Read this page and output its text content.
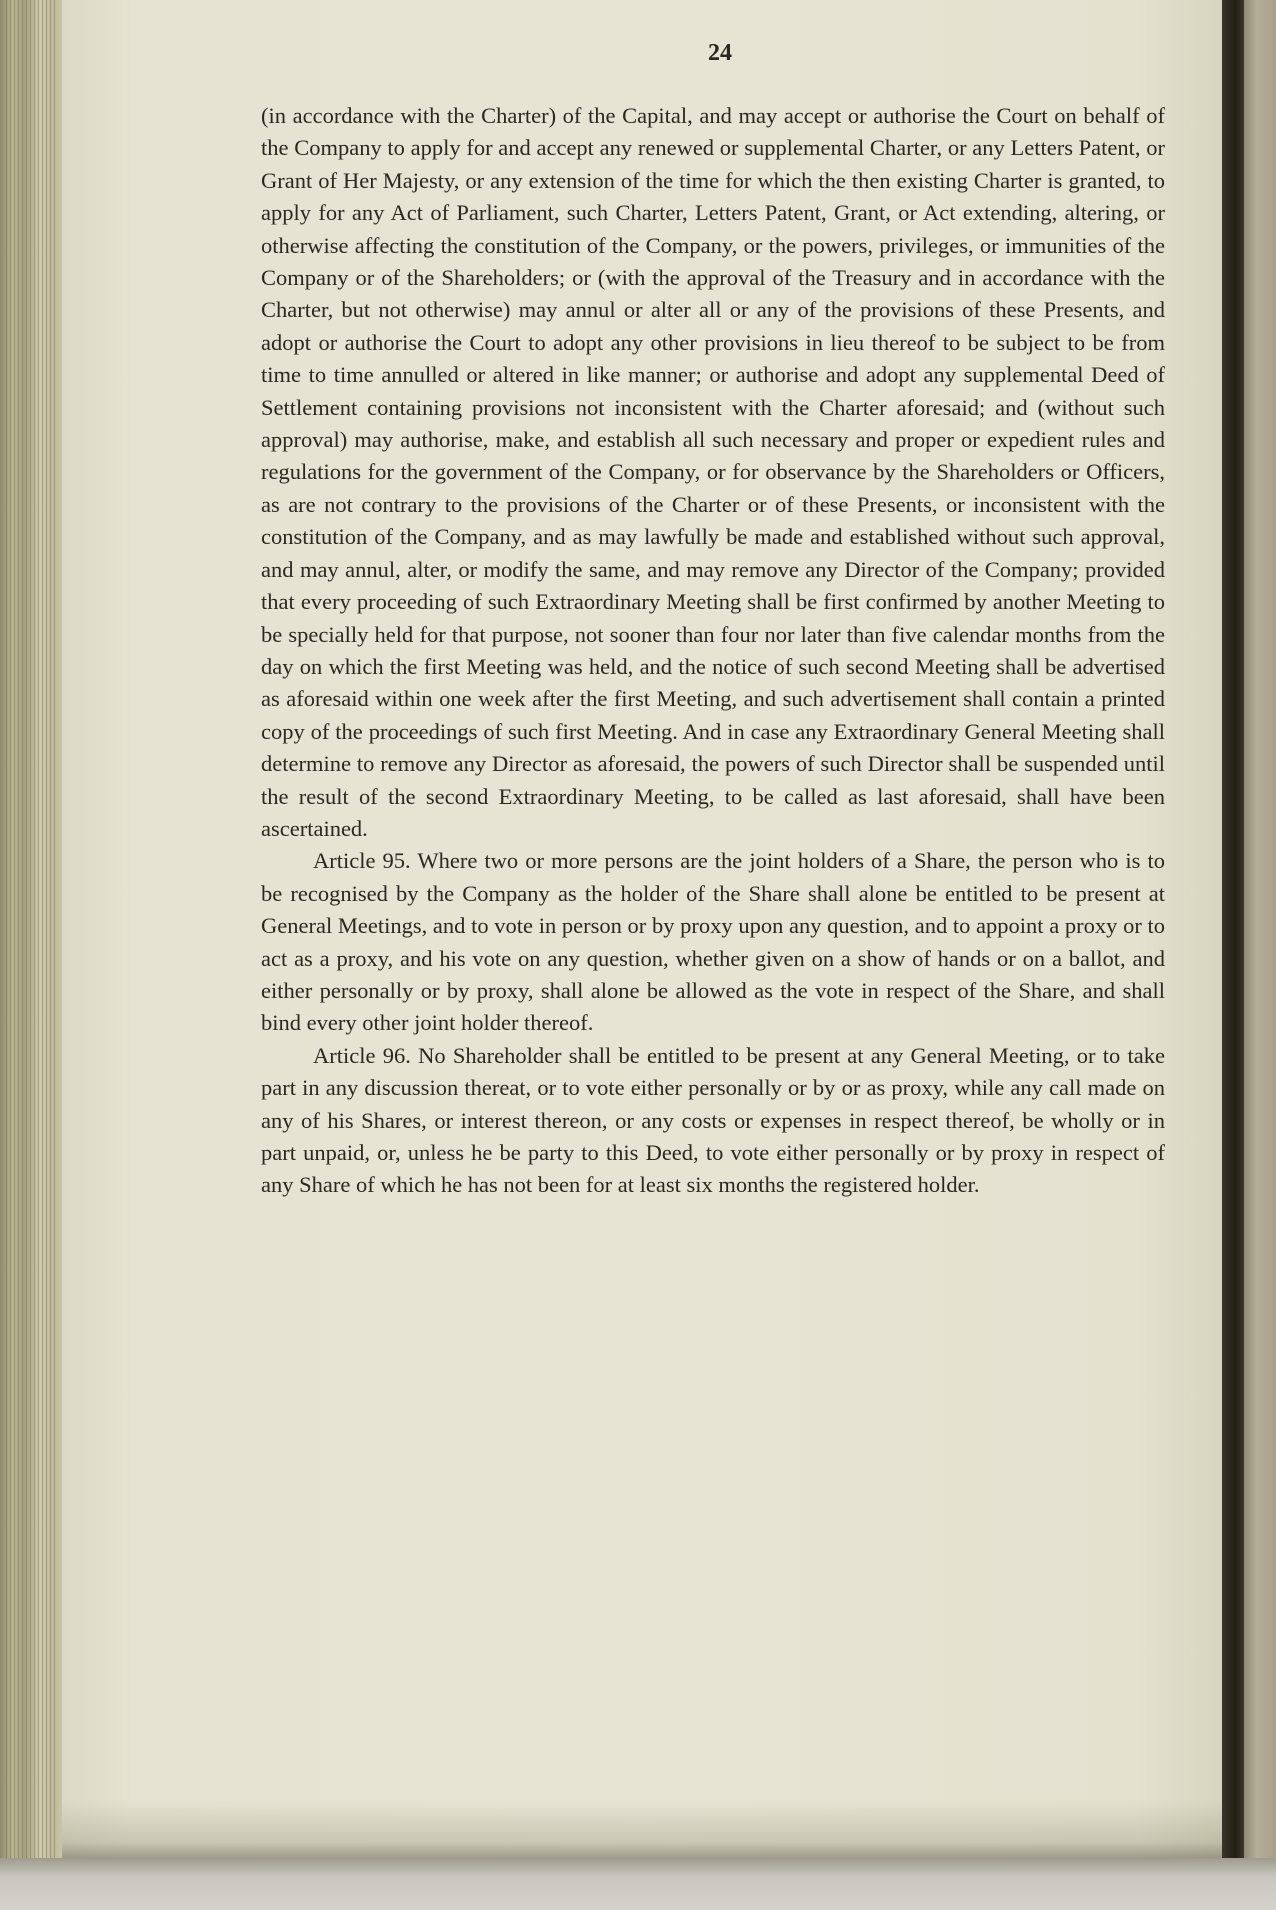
24

(in accordance with the Charter) of the Capital, and may accept or authorise the Court on behalf of the Company to apply for and accept any renewed or supplemental Charter, or any Letters Patent, or Grant of Her Majesty, or any extension of the time for which the then existing Charter is granted, to apply for any Act of Parliament, such Charter, Letters Patent, Grant, or Act extending, altering, or otherwise affecting the constitution of the Company, or the powers, privileges, or immunities of the Company or of the Shareholders; or (with the approval of the Treasury and in accordance with the Charter, but not otherwise) may annul or alter all or any of the provisions of these Presents, and adopt or authorise the Court to adopt any other provisions in lieu thereof to be subject to be from time to time annulled or altered in like manner; or authorise and adopt any supplemental Deed of Settlement containing provisions not inconsistent with the Charter aforesaid; and (without such approval) may authorise, make, and establish all such necessary and proper or expedient rules and regulations for the government of the Company, or for observance by the Shareholders or Officers, as are not contrary to the provisions of the Charter or of these Presents, or inconsistent with the constitution of the Company, and as may lawfully be made and established without such approval, and may annul, alter, or modify the same, and may remove any Director of the Company; provided that every proceeding of such Extraordinary Meeting shall be first confirmed by another Meeting to be specially held for that purpose, not sooner than four nor later than five calendar months from the day on which the first Meeting was held, and the notice of such second Meeting shall be advertised as aforesaid within one week after the first Meeting, and such advertisement shall contain a printed copy of the proceedings of such first Meeting. And in case any Extraordinary General Meeting shall determine to remove any Director as aforesaid, the powers of such Director shall be suspended until the result of the second Extraordinary Meeting, to be called as last aforesaid, shall have been ascertained.

Article 95. Where two or more persons are the joint holders of a Share, the person who is to be recognised by the Company as the holder of the Share shall alone be entitled to be present at General Meetings, and to vote in person or by proxy upon any question, and to appoint a proxy or to act as a proxy, and his vote on any question, whether given on a show of hands or on a ballot, and either personally or by proxy, shall alone be allowed as the vote in respect of the Share, and shall bind every other joint holder thereof.

Article 96. No Shareholder shall be entitled to be present at any General Meeting, or to take part in any discussion thereat, or to vote either personally or by or as proxy, while any call made on any of his Shares, or interest thereon, or any costs or expenses in respect thereof, be wholly or in part unpaid, or, unless he be party to this Deed, to vote either personally or by proxy in respect of any Share of which he has not been for at least six months the registered holder.
